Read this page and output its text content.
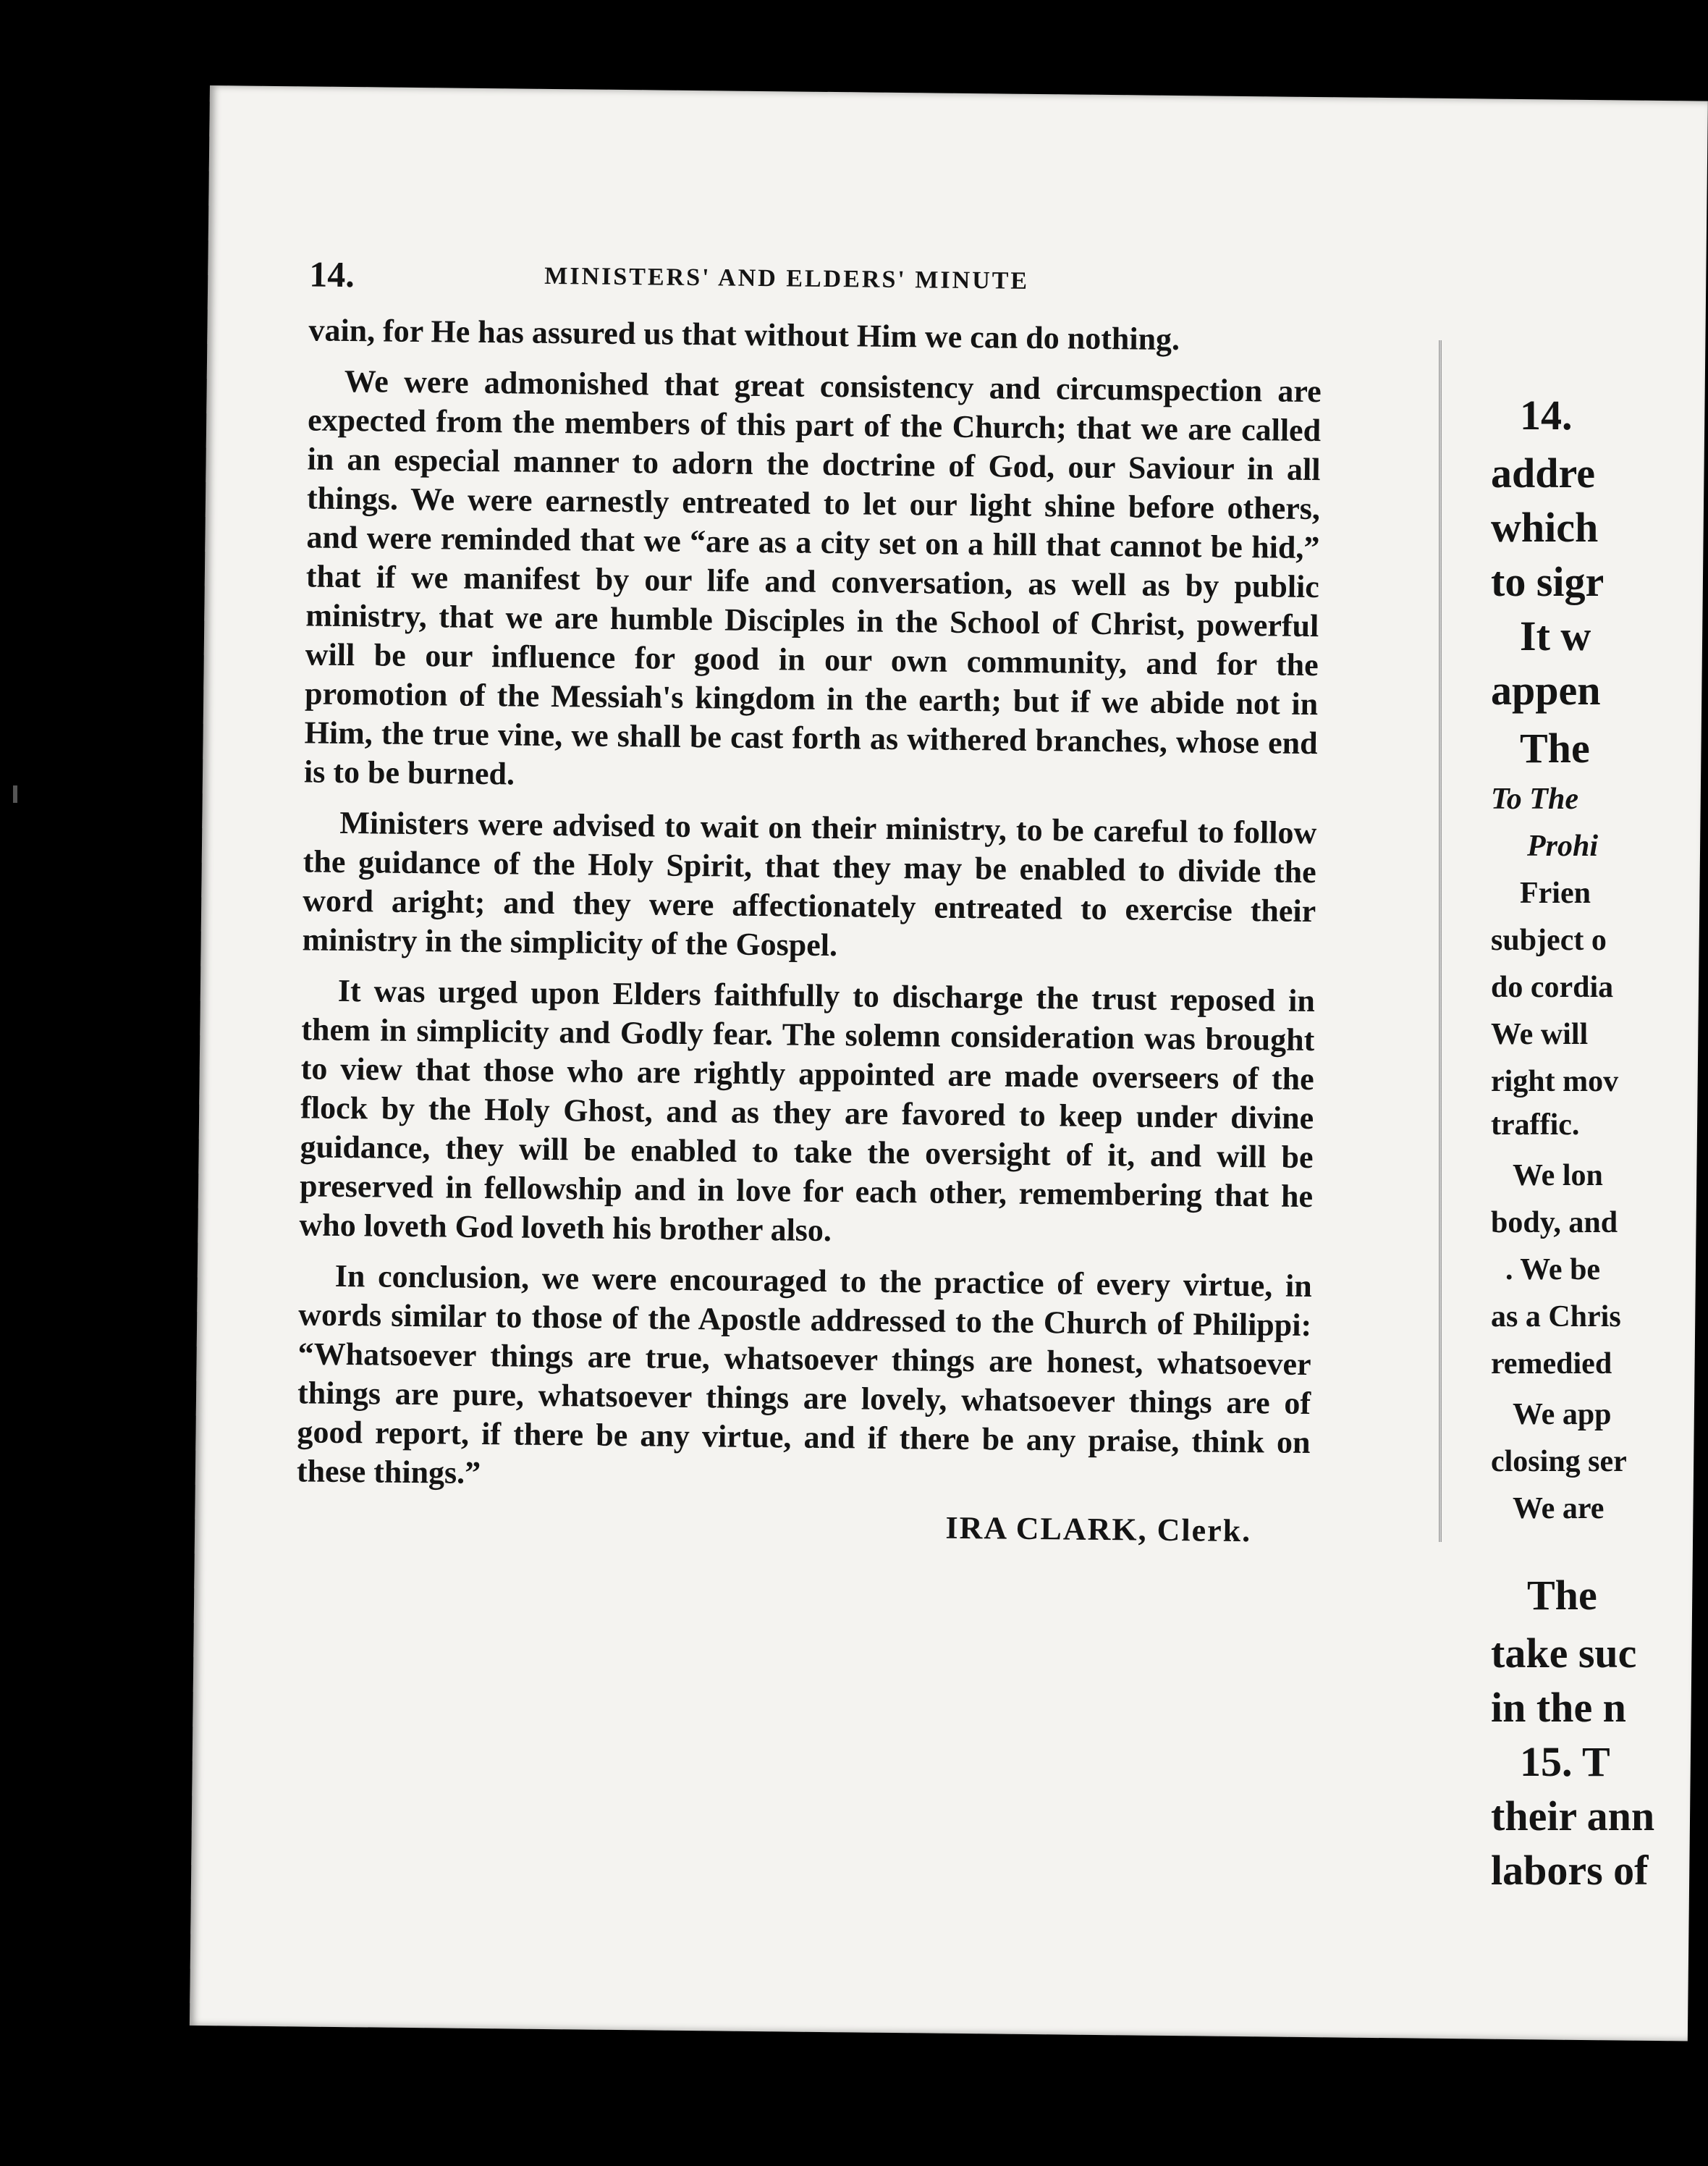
14.	MINISTERS' AND ELDERS' MINUTE

vain, for He has assured us that without Him we can do nothing.

We were admonished that great consistency and circumspection are expected from the members of this part of the Church; that we are called in an especial manner to adorn the doctrine of God, our Saviour in all things. We were earnestly entreated to let our light shine before others, and were reminded that we “are as a city set on a hill that cannot be hid,” that if we manifest by our life and conversation, as well as by public ministry, that we are humble Disciples in the School of Christ, powerful will be our influence for good in our own community, and for the promotion of the Messiah's kingdom in the earth; but if we abide not in Him, the true vine, we shall be cast forth as withered branches, whose end is to be burned.

Ministers were advised to wait on their ministry, to be careful to follow the guidance of the Holy Spirit, that they may be enabled to divide the word aright; and they were affectionately entreated to exercise their ministry in the simplicity of the Gospel.

It was urged upon Elders faithfully to discharge the trust reposed in them in simplicity and Godly fear. The solemn consideration was brought to view that those who are rightly appointed are made overseers of the flock by the Holy Ghost, and as they are favored to keep under divine guidance, they will be enabled to take the oversight of it, and will be preserved in fellowship and in love for each other, remembering that he who loveth God loveth his brother also.

In conclusion, we were encouraged to the practice of every virtue, in words similar to those of the Apostle addressed to the Church of Philippi: “Whatsoever things are true, whatsoever things are honest, whatsoever things are pure, whatsoever things are lovely, whatsoever things are of good report, if there be any virtue, and if there be any praise, think on these things.”

IRA CLARK, Clerk.
14.
addre
which
to sigr
It w
appen
The
To The
Prohi
Frien
subject o
do cordia
We will
right mov
traffic.
We lon
body, and
. We be
as a Chris
remedied
We app
closing ser
We are
The
take suc
in the n
15. T
their ann
labors of
